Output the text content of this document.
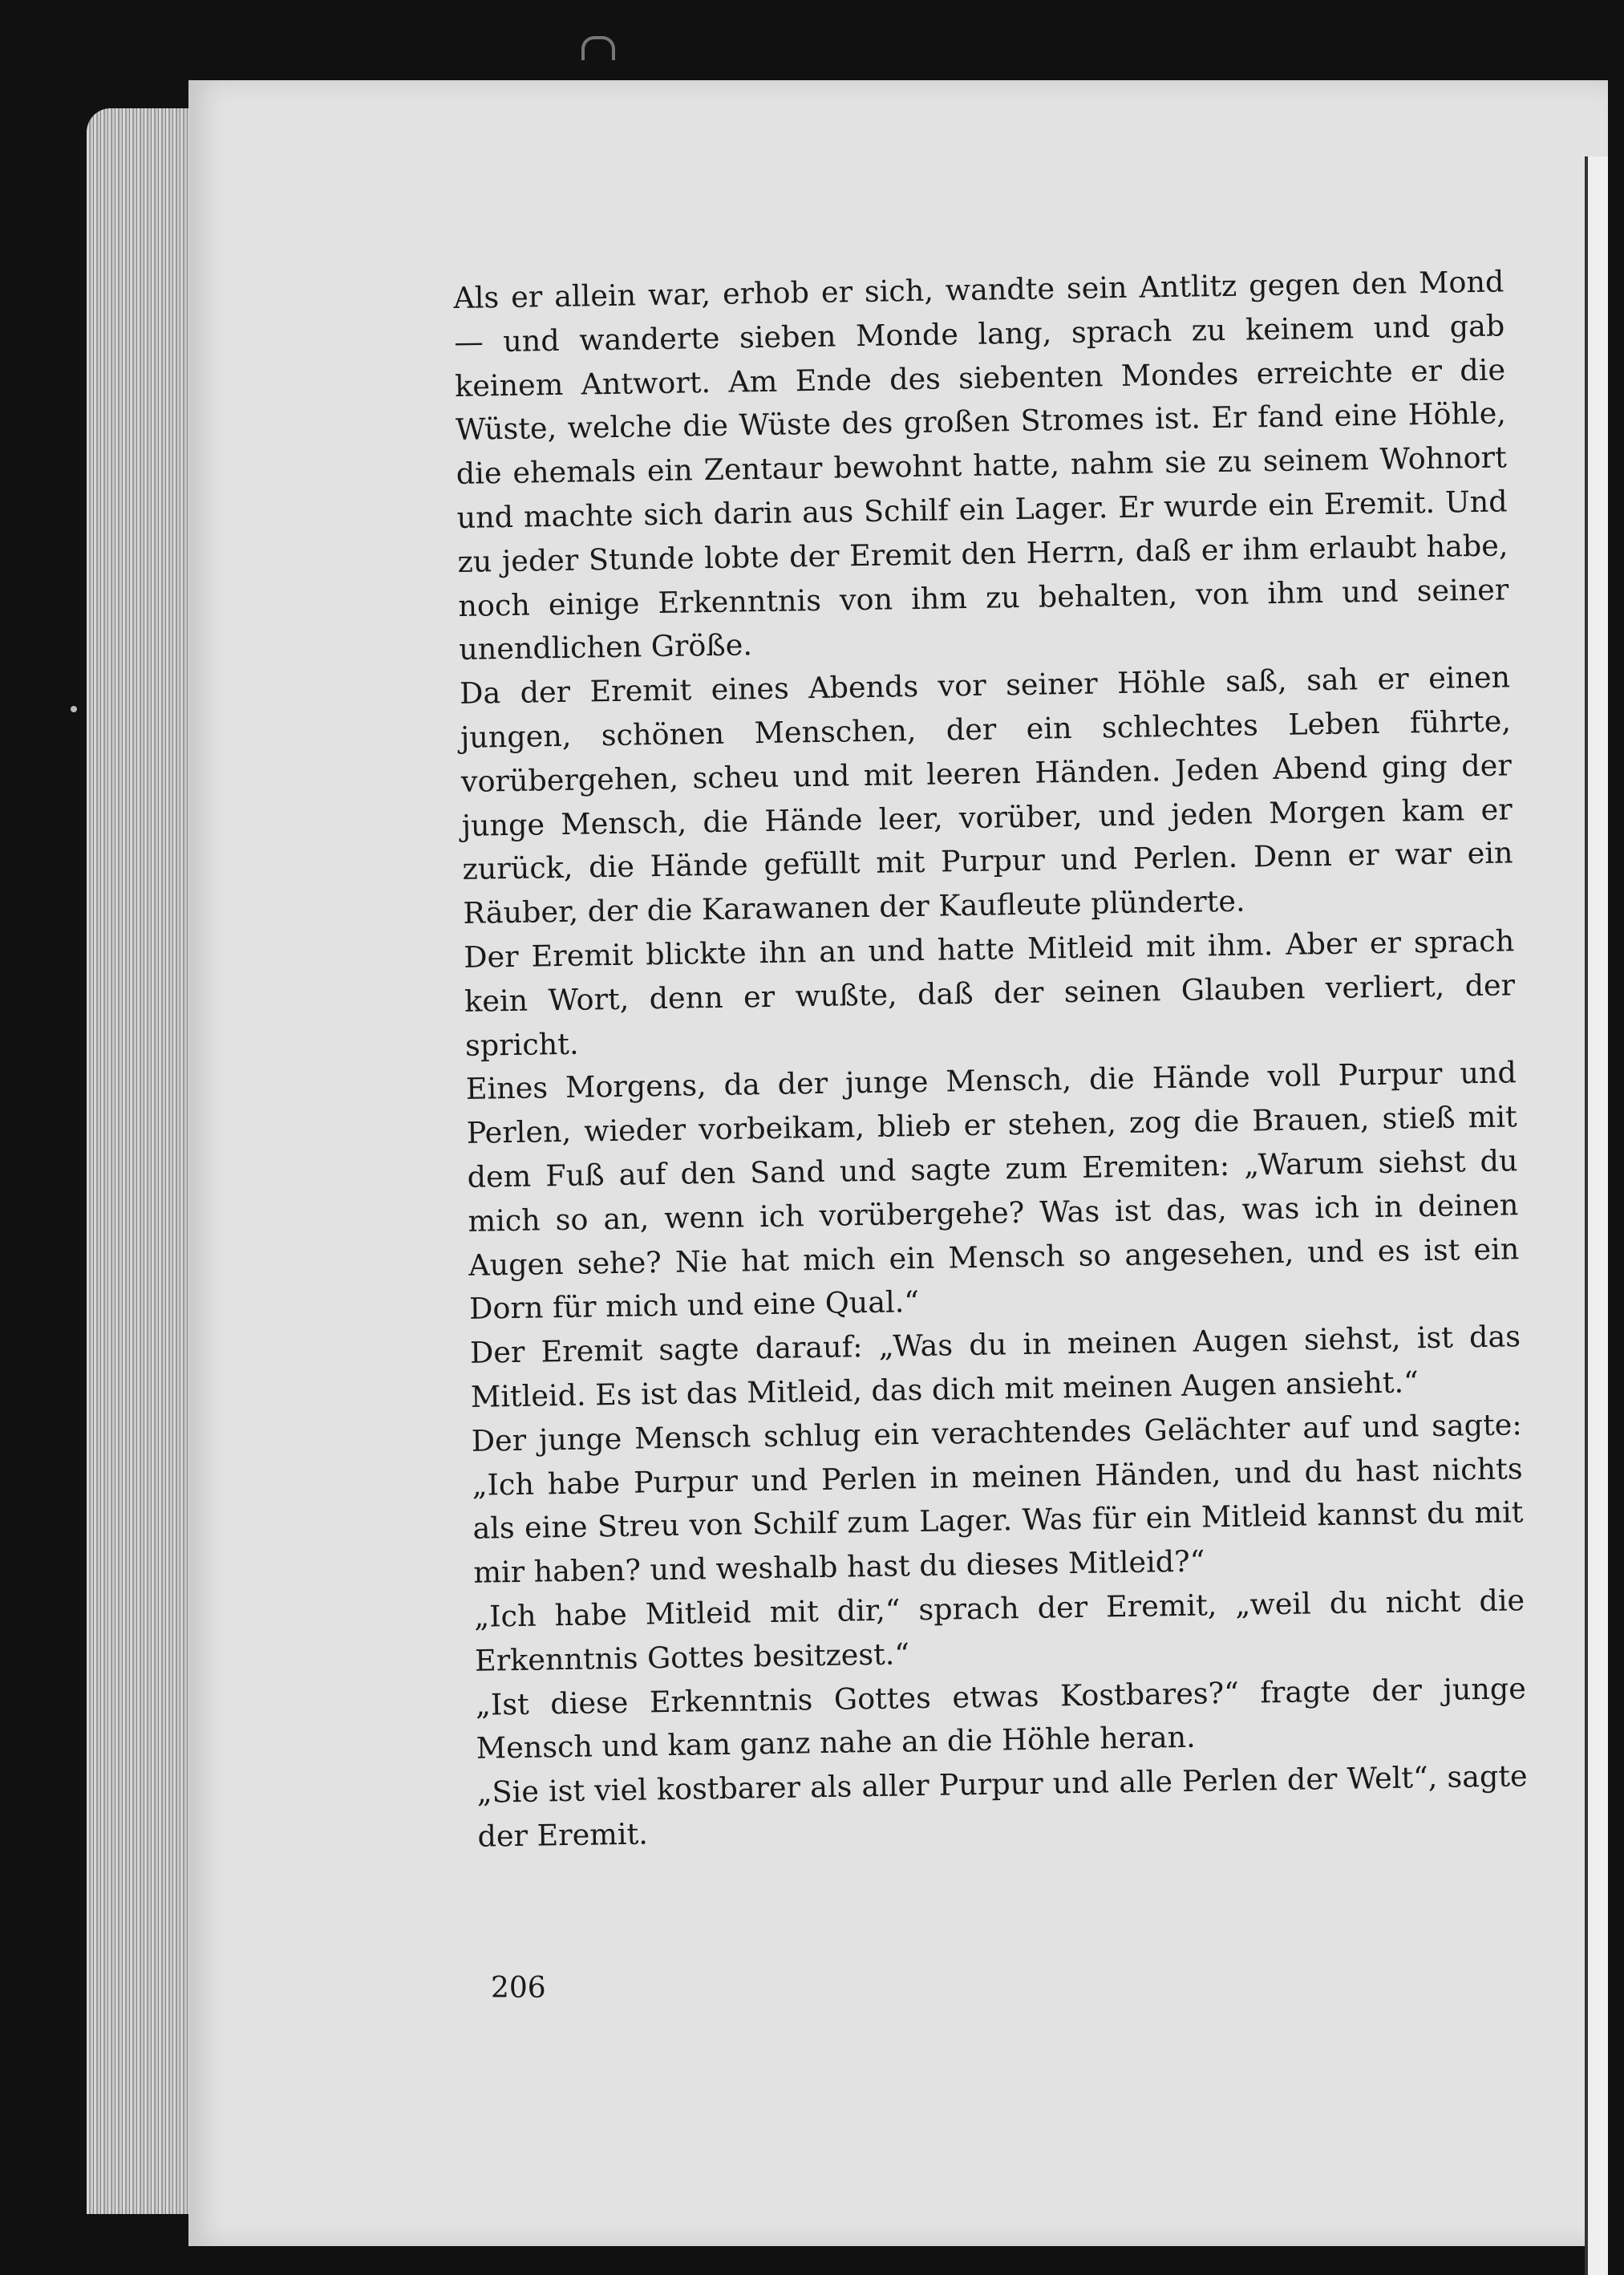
Als er allein war, erhob er sich, wandte sein Antlitz gegen den Mond — und wanderte sieben Monde lang, sprach zu keinem und gab keinem Antwort. Am Ende des siebenten Mondes erreichte er die Wüste, welche die Wüste des großen Stromes ist. Er fand eine Höhle, die ehemals ein Zentaur bewohnt hatte, nahm sie zu seinem Wohnort und machte sich darin aus Schilf ein Lager. Er wurde ein Eremit. Und zu jeder Stunde lobte der Eremit den Herrn, daß er ihm erlaubt habe, noch einige Erkenntnis von ihm zu behalten, von ihm und seiner unendlichen Größe.

Da der Eremit eines Abends vor seiner Höhle saß, sah er einen jungen, schönen Menschen, der ein schlechtes Leben führte, vorübergehen, scheu und mit leeren Händen. Jeden Abend ging der junge Mensch, die Hände leer, vorüber, und jeden Morgen kam er zurück, die Hände gefüllt mit Purpur und Perlen. Denn er war ein Räuber, der die Karawanen der Kaufleute plünderte.

Der Eremit blickte ihn an und hatte Mitleid mit ihm. Aber er sprach kein Wort, denn er wußte, daß der seinen Glauben verliert, der spricht.

Eines Morgens, da der junge Mensch, die Hände voll Purpur und Perlen, wieder vorbeikam, blieb er stehen, zog die Brauen, stieß mit dem Fuß auf den Sand und sagte zum Eremiten: „Warum siehst du mich so an, wenn ich vorübergehe? Was ist das, was ich in deinen Augen sehe? Nie hat mich ein Mensch so angesehen, und es ist ein Dorn für mich und eine Qual.“

Der Eremit sagte darauf: „Was du in meinen Augen siehst, ist das Mitleid. Es ist das Mitleid, das dich mit meinen Augen ansieht.“

Der junge Mensch schlug ein verachtendes Gelächter auf und sagte: „Ich habe Purpur und Perlen in meinen Händen, und du hast nichts als eine Streu von Schilf zum Lager. Was für ein Mitleid kannst du mit mir haben? und weshalb hast du dieses Mitleid?“

„Ich habe Mitleid mit dir,“ sprach der Eremit, „weil du nicht die Erkenntnis Gottes besitzest.“

„Ist diese Erkenntnis Gottes etwas Kostbares?“ fragte der junge Mensch und kam ganz nahe an die Höhle heran.

„Sie ist viel kostbarer als aller Purpur und alle Perlen der Welt“, sagte der Eremit.

206
